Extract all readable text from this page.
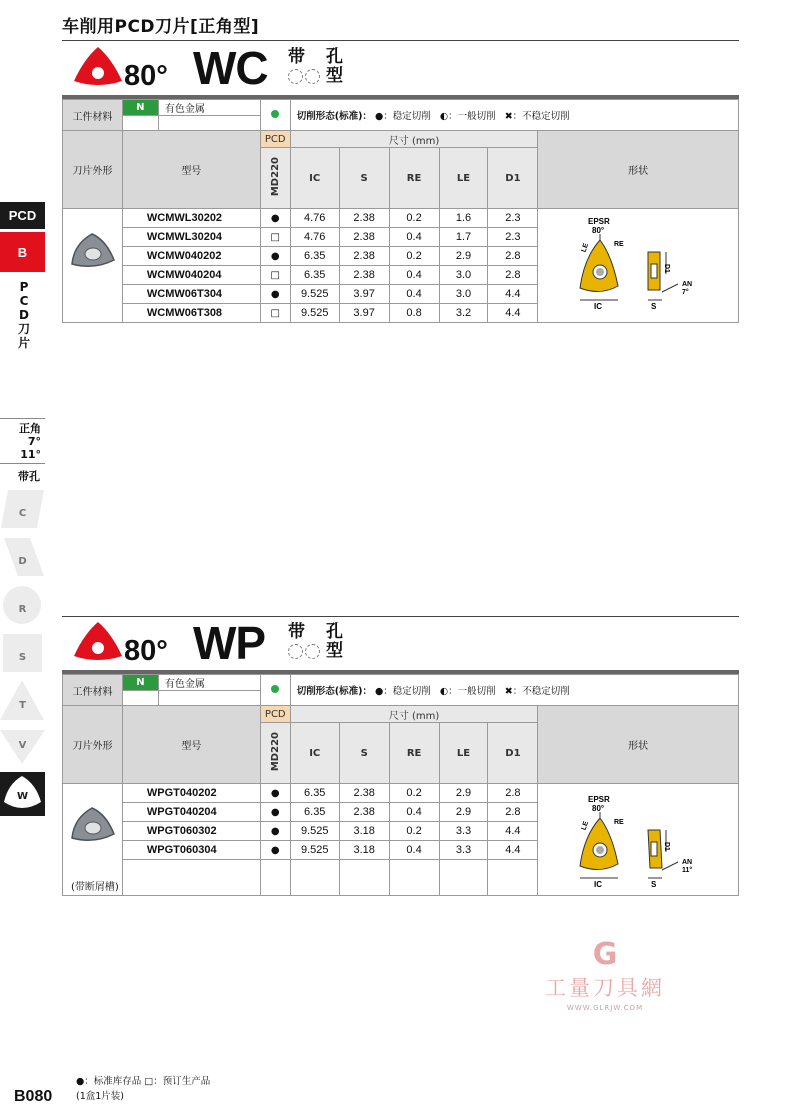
车削用PCD刀片[正角型]
PCD
B
P
C
D
刀
片
正角
7°
11°
带孔
C
D
R
S
T
V
W
80° WC 带 孔
型
工件材料	N	有色金属		切削形态(标准)： ●：稳定切削 ◐：一般切削 ✖：不稳定切削					

刀片外形	型号		PCD	尺寸 (mm)					形状
			MD220	IC	S	RE	LE	D1	
	WCMWL30202		●	4.76	2.38	0.2	1.6	2.3	
	WCMWL30204		□	4.76	2.38	0.4	1.7	2.3	
	WCMW040202		●	6.35	2.38	0.2	2.9	2.8	
	WCMW040204		□	6.35	2.38	0.4	3.0	2.8	
	WCMW06T304		●	9.525	3.97	0.4	3.0	4.4	
	WCMW06T308		□	9.525	3.97	0.8	3.2	4.4	
EPSR
80°
RE
LE
IC
D1
S
AN
7°
80° WP 带 孔
型
工件材料	N	有色金属		切削形态(标准)： ●：稳定切削 ◐：一般切削 ✖：不稳定切削					

刀片外形	型号		PCD	尺寸 (mm)					形状
			MD220	IC	S	RE	LE	D1	
(带断屑槽)	WPGT040202		●	6.35	2.38	0.2	2.9	2.8	
	WPGT040204		●	6.35	2.38	0.4	2.9	2.8	
	WPGT060302		●	9.525	3.18	0.2	3.3	4.4	
	WPGT060304		●	9.525	3.18	0.4	3.3	4.4	

EPSR
80°
RE
LE
IC
D1
S
AN
11°
G
工量刀具網
WWW.GLRJW.COM
●：标准库存品 □：预订生产品
(1盒1片装)
B080
